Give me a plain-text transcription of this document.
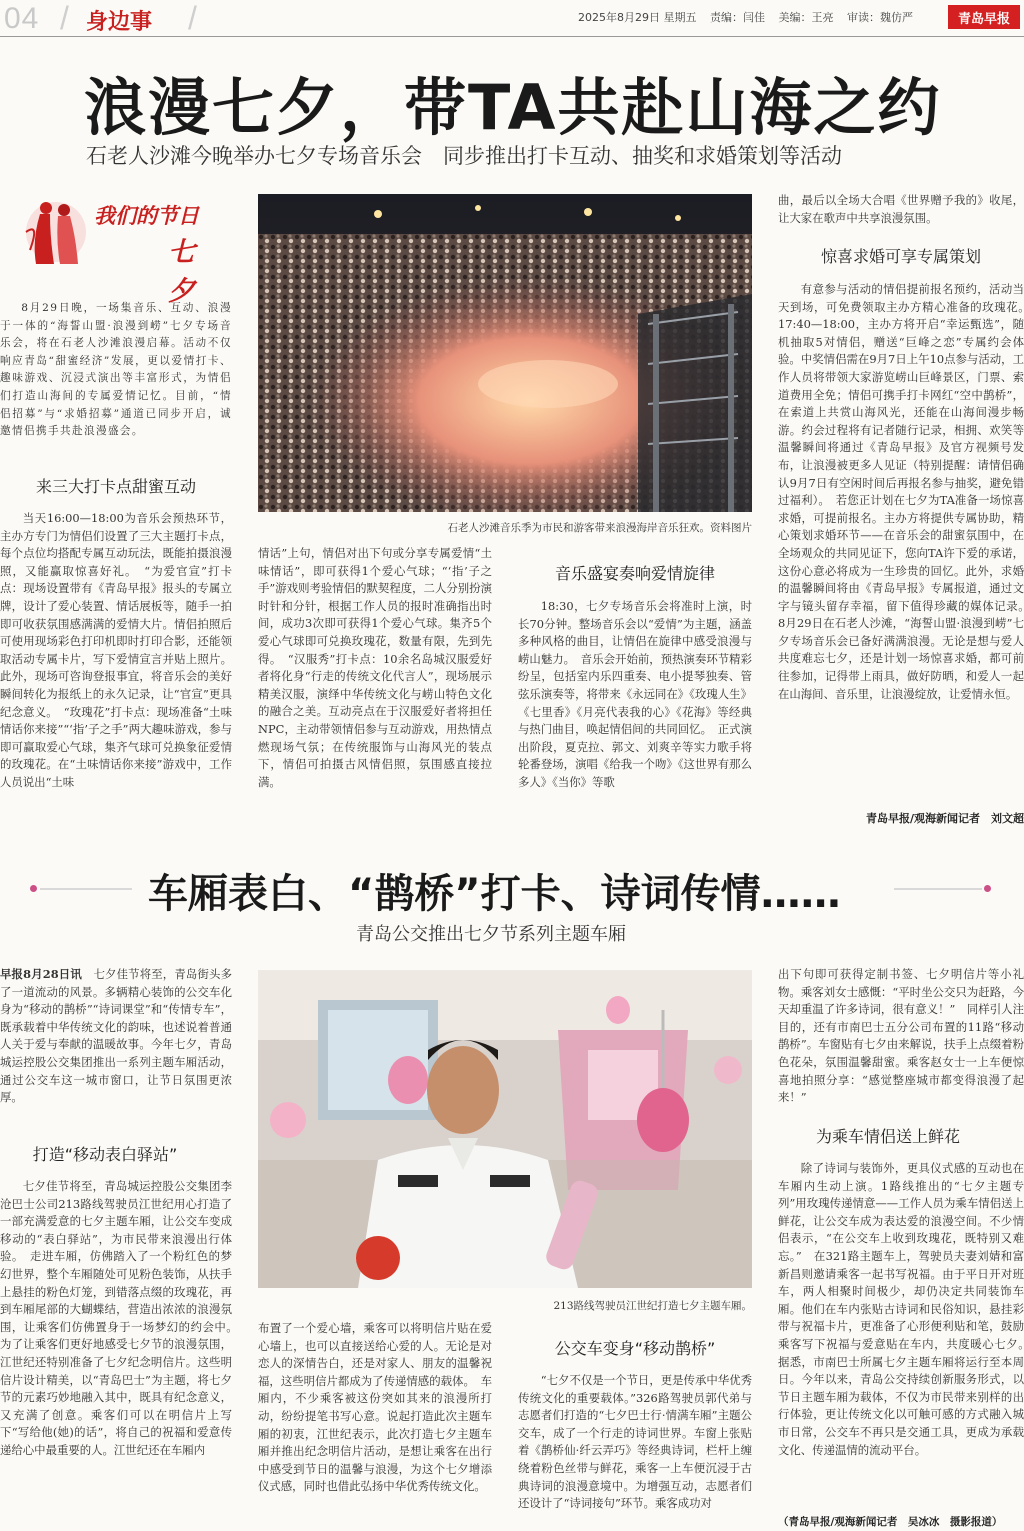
04 / 身边事 /	2025年8月29日 星期五 责编：闫佳 美编：王亮 审读：魏仿严	青岛早报
浪漫七夕，带TA共赴山海之约
石老人沙滩今晚举办七夕专场音乐会　同步推出打卡互动、抽奖和求婚策划等活动
我们的节日
七夕

8月29日晚，一场集音乐、互动、浪漫于一体的“海誓山盟·浪漫到崂”七夕专场音乐会，将在石老人沙滩浪漫启幕。活动不仅响应青岛“甜蜜经济”发展，更以爱情打卡、趣味游戏、沉浸式演出等丰富形式，为情侣们打造山海间的专属爱情记忆。目前，“情侣招募”与“求婚招募”通道已同步开启，诚邀情侣携手共赴浪漫盛会。

来三大打卡点甜蜜互动

当天16:00—18:00为音乐会预热环节，主办方专门为情侣们设置了三大主题打卡点，每个点位均搭配专属互动玩法，既能拍摄浪漫照，又能赢取惊喜好礼。　“为爱官宣”打卡点：现场设置带有《青岛早报》报头的专属立牌，设计了爱心装置、情话展板等，随手一拍即可收获氛围感满满的爱情大片。情侣拍照后可使用现场彩色打印机即时打印合影，还能领取活动专属卡片，写下爱情宣言并贴上照片。此外，现场可咨询登报事宜，将音乐会的美好瞬间转化为报纸上的永久记录，让“官宣”更具纪念意义。　“玫瑰花”打卡点：现场准备“土味情话你来接”“‘指’子之手”两大趣味游戏，参与即可赢取爱心气球，集齐气球可兑换象征爱情的玫瑰花。在“土味情话你来接”游戏中，工作人员说出“土味

石老人沙滩音乐季为市民和游客带来浪漫海岸音乐狂欢。资料图片

情话”上句，情侣对出下句或分享专属爱情“土味情话”，即可获得1个爱心气球；“‘指’子之手”游戏则考验情侣的默契程度，二人分别扮演时针和分针，根据工作人员的报时准确指出时间，成功3次即可获得1个爱心气球。集齐5个爱心气球即可兑换玫瑰花，数量有限，先到先得。　“汉服秀”打卡点：10余名岛城汉服爱好者将化身“行走的传统文化代言人”，现场展示精美汉服，演绎中华传统文化与崂山特色文化的融合之美。互动亮点在于汉服爱好者将担任NPC，主动带领情侣参与互动游戏，用热情点燃现场气氛；在传统服饰与山海风光的装点下，情侣可拍摄古风情侣照，氛围感直接拉满。

音乐盛宴奏响爱情旋律

18:30，七夕专场音乐会将准时上演，时长70分钟。整场音乐会以“爱情”为主题，涵盖多种风格的曲目，让情侣在旋律中感受浪漫与崂山魅力。　音乐会开始前，预热演奏环节精彩纷呈，包括室内乐四重奏、电小提琴独奏、管弦乐演奏等，将带来《永远同在》《玫瑰人生》《七里香》《月亮代表我的心》《花海》等经典与热门曲目，唤起情侣间的共同回忆。　正式演出阶段，夏克拉、郭文、刘爽辛等实力歌手将轮番登场，演唱《给我一个吻》《这世界有那么多人》《当你》等歌

曲，最后以全场大合唱《世界赠予我的》收尾，让大家在歌声中共享浪漫氛围。

惊喜求婚可享专属策划

有意参与活动的情侣提前报名预约，活动当天到场，可免费领取主办方精心准备的玫瑰花。　17:40—18:00，主办方将开启“幸运甄选”，随机抽取5对情侣，赠送“巨峰之恋”专属约会体验。中奖情侣需在9月7日上午10点参与活动，工作人员将带领大家游览崂山巨峰景区，门票、索道费用全免；情侣可携手打卡网红“空中鹊桥”，在索道上共赏山海风光，还能在山海间漫步畅游。约会过程将有记者随行记录，相拥、欢笑等温馨瞬间将通过《青岛早报》及官方视频号发布，让浪漫被更多人见证（特别提醒：请情侣确认9月7日有空闲时间后再报名参与抽奖，避免错过福利）。　若您正计划在七夕为TA准备一场惊喜求婚，可提前报名。主办方将提供专属协助，精心策划求婚环节——在音乐会的甜蜜氛围中，在全场观众的共同见证下，您向TA许下爱的承诺，这份心意必将成为一生珍贵的回忆。此外，求婚的温馨瞬间将由《青岛早报》专属报道，通过文字与镜头留存幸福，留下值得珍藏的媒体记录。　8月29日在石老人沙滩，“海誓山盟·浪漫到崂”七夕专场音乐会已备好满满浪漫。无论是想与爱人共度难忘七夕，还是计划一场惊喜求婚，都可前往参加，记得带上雨具，做好防晒，和爱人一起在山海间、音乐里，让浪漫绽放，让爱情永恒。

青岛早报/观海新闻记者　刘文超
车厢表白、“鹊桥”打卡、诗词传情……
青岛公交推出七夕节系列主题车厢

早报8月28日讯　 七夕佳节将至，青岛街头多了一道流动的风景。多辆精心装饰的公交车化身为“移动的鹊桥”“诗词课堂”和“传情专车”，既承载着中华传统文化的韵味，也述说着普通人关于爱与奉献的温暖故事。今年七夕，青岛城运控股公交集团推出一系列主题车厢活动，通过公交车这一城市窗口，让节日氛围更浓厚。

打造“移动表白驿站”

七夕佳节将至，青岛城运控股公交集团李沧巴士公司213路线驾驶员江世纪用心打造了一部充满爱意的七夕主题车厢，让公交车变成移动的“表白驿站”，为市民带来浪漫出行体验。　走进车厢，仿佛踏入了一个粉红色的梦幻世界，整个车厢随处可见粉色装饰，从扶手上悬挂的粉色灯笼，到错落点缀的玫瑰花，再到车厢尾部的大蝴蝶结，营造出浓浓的浪漫氛围，让乘客们仿佛置身于一场梦幻的约会中。　为了让乘客们更好地感受七夕节的浪漫氛围，江世纪还特别准备了七夕纪念明信片。这些明信片设计精美，以“青岛巴士”为主题，将七夕节的元素巧妙地融入其中，既具有纪念意义，又充满了创意。乘客们可以在明信片上写下“写给他(她)的话”，将自己的祝福和爱意传递给心中最重要的人。江世纪还在车厢内

213路线驾驶员江世纪打造七夕主题车厢。

布置了一个爱心墙，乘客可以将明信片贴在爱心墙上，也可以直接送给心爱的人。无论是对恋人的深情告白，还是对家人、朋友的温馨祝福，这些明信片都成为了传递情感的载体。　车厢内，不少乘客被这份突如其来的浪漫所打动，纷纷提笔书写心意。说起打造此次主题车厢的初衷，江世纪表示，此次打造七夕主题车厢并推出纪念明信片活动，是想让乘客在出行中感受到节日的温馨与浪漫，为这个七夕增添仪式感，同时也借此弘扬中华优秀传统文化。

公交车变身“移动鹊桥”

“七夕不仅是一个节日，更是传承中华优秀传统文化的重要载体。”326路驾驶员郭代弟与志愿者们打造的“七夕巴士行·情满车厢”主题公交车，成了一个行走的诗词世界。车窗上张贴着《鹊桥仙·纤云弄巧》等经典诗词，栏杆上缠绕着粉色丝带与鲜花，乘客一上车便沉浸于古典诗词的浪漫意境中。为增强互动，志愿者们还设计了“诗词接句”环节。乘客成功对

出下句即可获得定制书签、七夕明信片等小礼物。乘客刘女士感慨：“平时坐公交只为赶路，今天却重温了许多诗词，很有意义！”　同样引人注目的，还有市南巴士五分公司布置的11路“移动鹊桥”。车窗贴有七夕由来解说，扶手上点缀着粉色花朵，氛围温馨甜蜜。乘客赵女士一上车便惊喜地拍照分享：“感觉整座城市都变得浪漫了起来！”

为乘车情侣送上鲜花

除了诗词与装饰外，更具仪式感的互动也在车厢内生动上演。1路线推出的“七夕主题专列”用玫瑰传递情意——工作人员为乘车情侣送上鲜花，让公交车成为表达爱的浪漫空间。不少情侣表示，“在公交车上收到玫瑰花，既特别又难忘。”　在321路主题车上，驾驶员夫妻刘婧和富新昌则邀请乘客一起书写祝福。由于平日开对班车，两人相聚时间极少，却仍决定共同装饰车厢。他们在车内张贴古诗词和民俗知识，悬挂彩带与祝福卡片，更准备了心形便利贴和笔，鼓励乘客写下祝福与爱意贴在车内，共度暖心七夕。　据悉，市南巴士所属七夕主题车厢将运行至本周日。今年以来，青岛公交持续创新服务形式，以节日主题车厢为载体，不仅为市民带来别样的出行体验，更让传统文化以可触可感的方式融入城市日常，公交车不再只是交通工具，更成为承载文化、传递温情的流动平台。

（青岛早报/观海新闻记者　吴冰冰　摄影报道）
